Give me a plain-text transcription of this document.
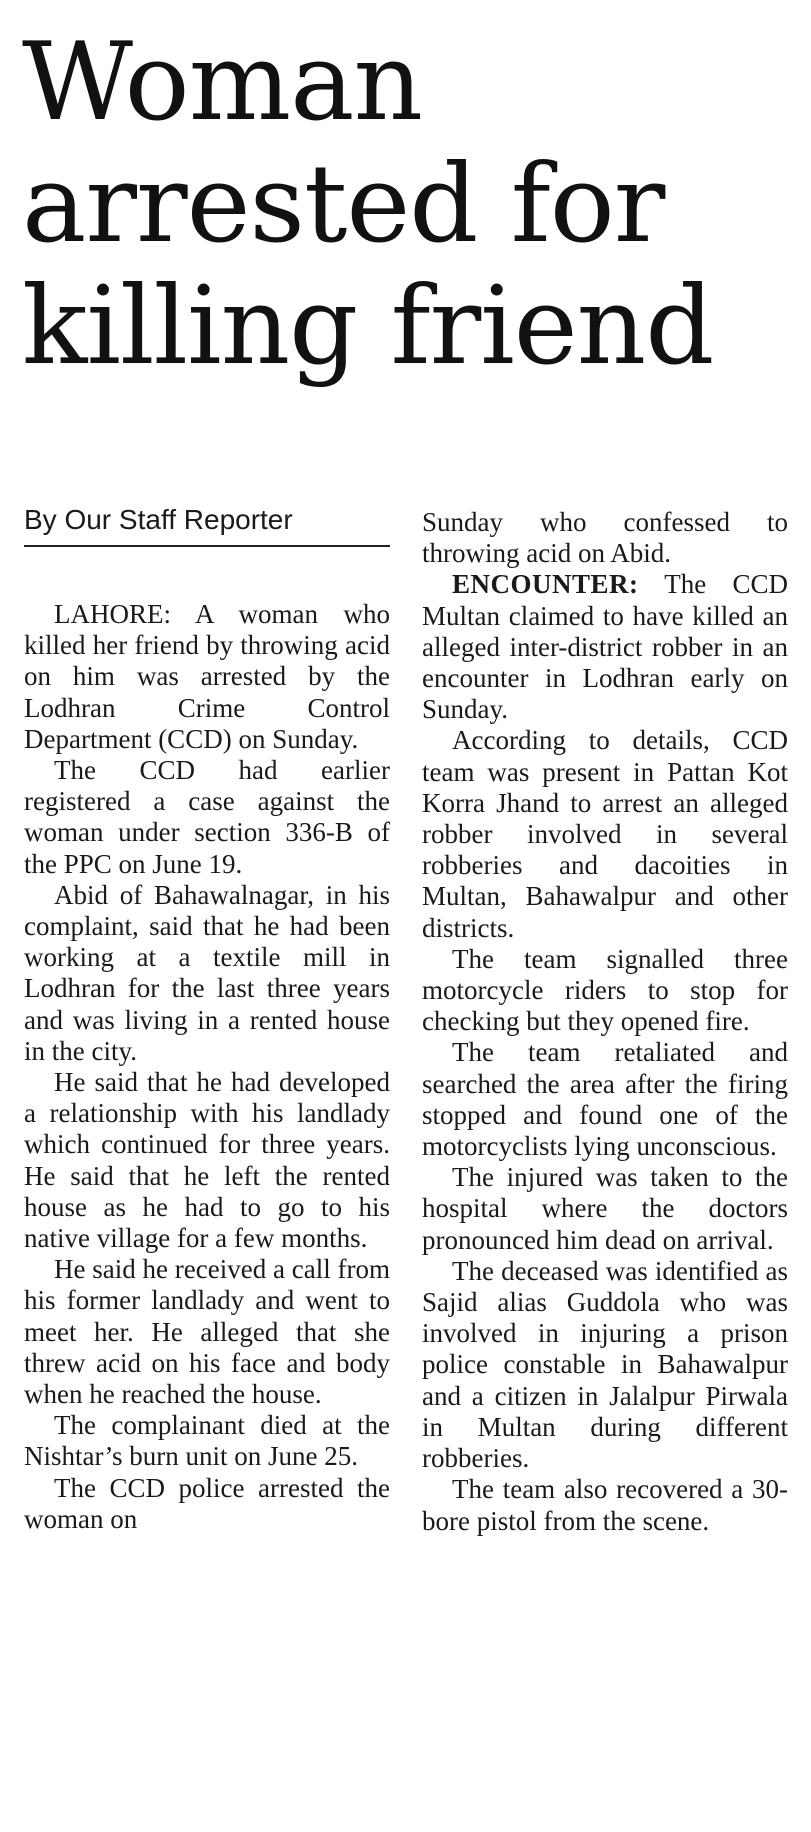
Woman
arrested for
killing friend
By Our Staff Reporter

LAHORE: A woman who killed her friend by throwing acid on him was arrested by the Lodhran Crime Control Department (CCD) on Sunday.

The CCD had earlier registered a case against the woman under section 336-B of the PPC on June 19.

Abid of Bahawalnagar, in his complaint, said that he had been working at a textile mill in Lodhran for the last three years and was living in a rented house in the city.

He said that he had developed a relationship with his landlady which continued for three years. He said that he left the rented house as he had to go to his native village for a few months.

He said he received a call from his former landlady and went to meet her. He alleged that she threw acid on his face and body when he reached the house.

The complainant died at the Nishtar’s burn unit on June 25.

The CCD police arrested the woman on

Sunday who confessed to throwing acid on Abid.

ENCOUNTER: The CCD Multan claimed to have killed an alleged inter-district robber in an encounter in Lodhran early on Sunday.

According to details, CCD team was present in Pattan Kot Korra Jhand to arrest an alleged robber involved in several robberies and dacoities in Multan, Bahawalpur and other districts.

The team signalled three motorcycle riders to stop for checking but they opened fire.

The team retaliated and searched the area after the firing stopped and found one of the motorcyclists lying unconscious.

The injured was taken to the hospital where the doctors pronounced him dead on arrival.

The deceased was identified as Sajid alias Guddola who was involved in injuring a prison police constable in Bahawalpur and a citizen in Jalalpur Pirwala in Multan during different robberies.

The team also recovered a 30-bore pistol from the scene.
